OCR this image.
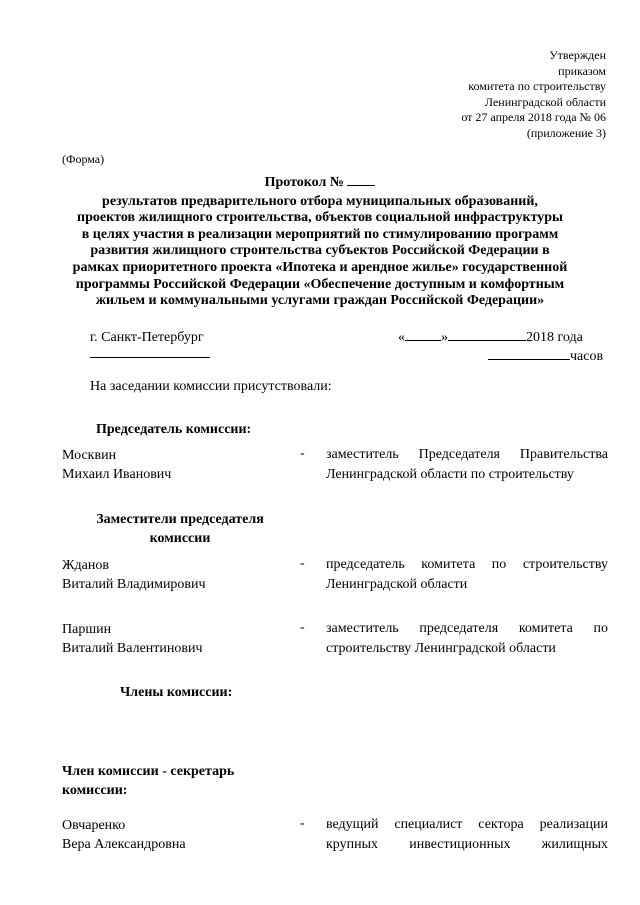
Утвержден
приказом
комитета по строительству
Ленинградской области
от 27 апреля 2018 года № 06
(приложение 3)
(Форма)
Протокол №
результатов предварительного отбора муниципальных образований,
проектов жилищного строительства, объектов социальной инфраструктуры
в целях участия в реализации мероприятий по стимулированию программ
развития жилищного строительства субъектов Российской Федерации в
рамках приоритетного проекта «Ипотека и арендное жилье» государственной
программы Российской Федерации «Обеспечение доступным и комфортным
жильем и коммунальными услугами граждан Российской Федерации»
г. Санкт-Петербург	«	»	2018 года
часов
На заседании комиссии присутствовали:
Председатель комиссии:
Москвин
Михаил Иванович
- заместитель Председателя Правительства
Ленинградской области по строительству
Заместители председателя
комиссии
Жданов
Виталий Владимирович
- председатель комитета по строительству
Ленинградской области
Паршин
Виталий Валентинович
- заместитель председателя комитета по
строительству Ленинградской области
Члены комиссии:
Член комиссии - секретарь
комиссии:
Овчаренко
Вера Александровна
- ведущий специалист сектора реализации
крупных инвестиционных жилищных
